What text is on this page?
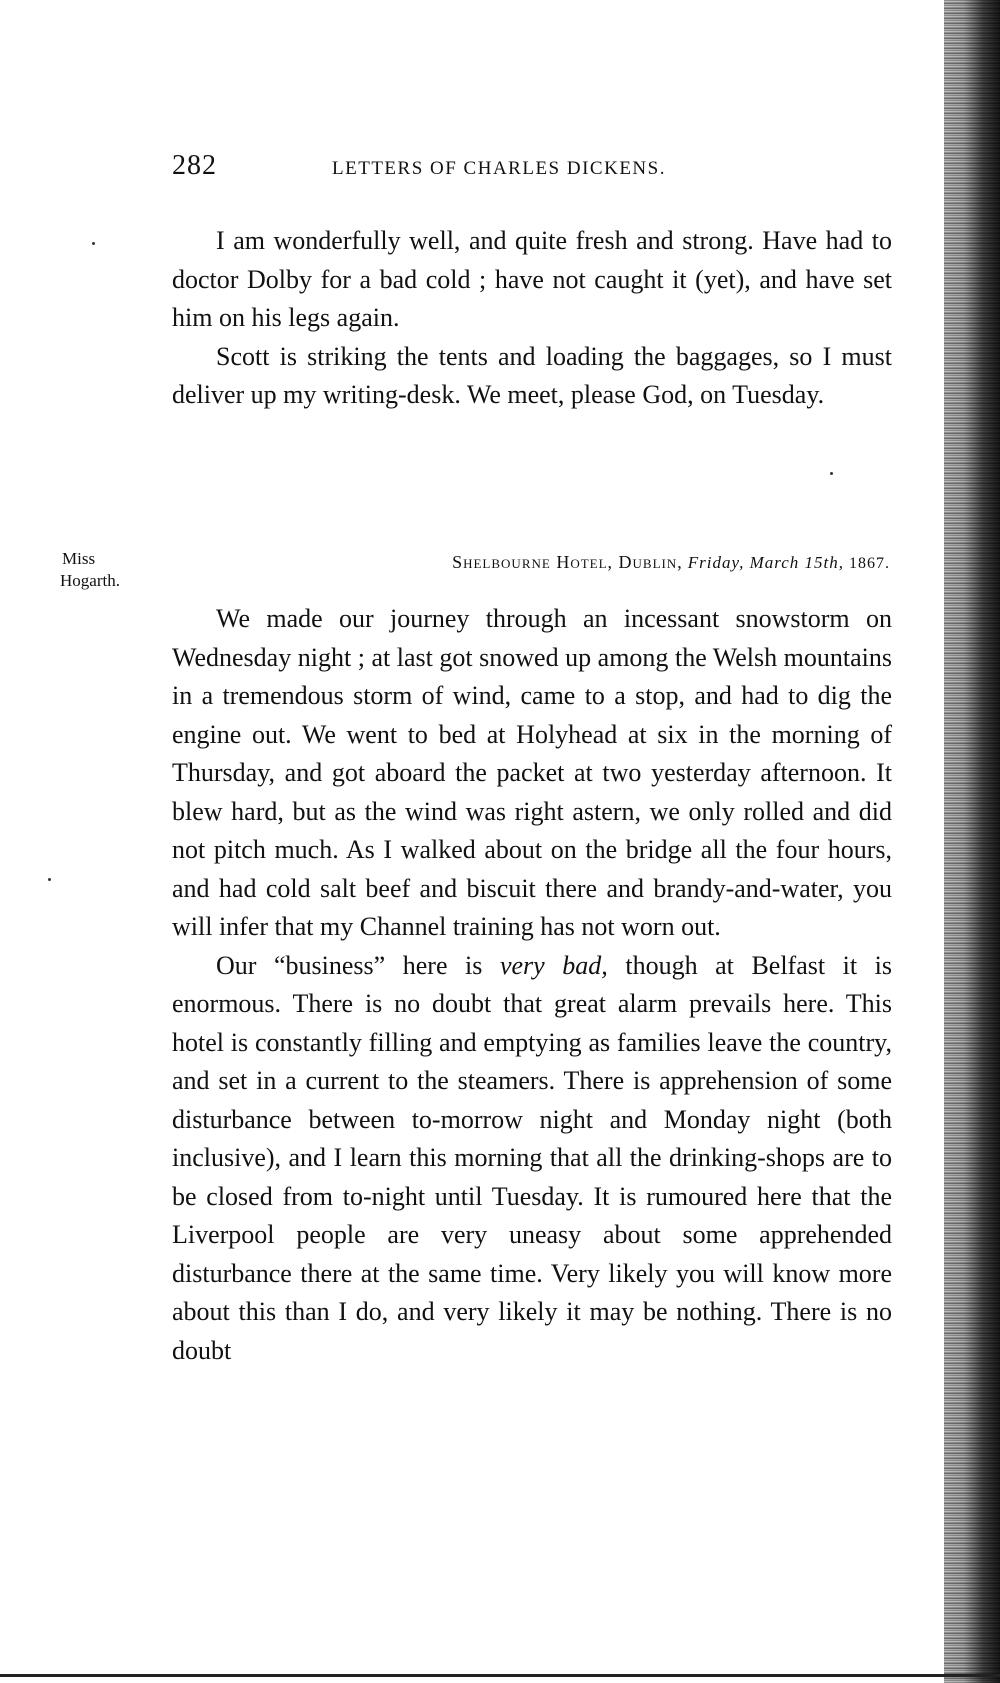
282	LETTERS OF CHARLES DICKENS.

I am wonderfully well, and quite fresh and strong. Have had to doctor Dolby for a bad cold ; have not caught it (yet), and have set him on his legs again.

Scott is striking the tents and loading the baggages, so I must deliver up my writing-desk. We meet, please God, on Tuesday.

Miss
Hogarth.
Shelbourne Hotel, Dublin, Friday, March 15th, 1867.

We made our journey through an incessant snowstorm on Wednesday night ; at last got snowed up among the Welsh mountains in a tremendous storm of wind, came to a stop, and had to dig the engine out. We went to bed at Holyhead at six in the morning of Thursday, and got aboard the packet at two yesterday afternoon. It blew hard, but as the wind was right astern, we only rolled and did not pitch much. As I walked about on the bridge all the four hours, and had cold salt beef and biscuit there and brandy-and-water, you will infer that my Channel training has not worn out.

Our “business” here is very bad, though at Belfast it is enormous. There is no doubt that great alarm prevails here. This hotel is constantly filling and emptying as families leave the country, and set in a current to the steamers. There is apprehension of some disturbance between to-morrow night and Monday night (both inclusive), and I learn this morning that all the drinking-shops are to be closed from to-night until Tuesday. It is rumoured here that the Liverpool people are very uneasy about some apprehended disturbance there at the same time. Very likely you will know more about this than I do, and very likely it may be nothing. There is no doubt
